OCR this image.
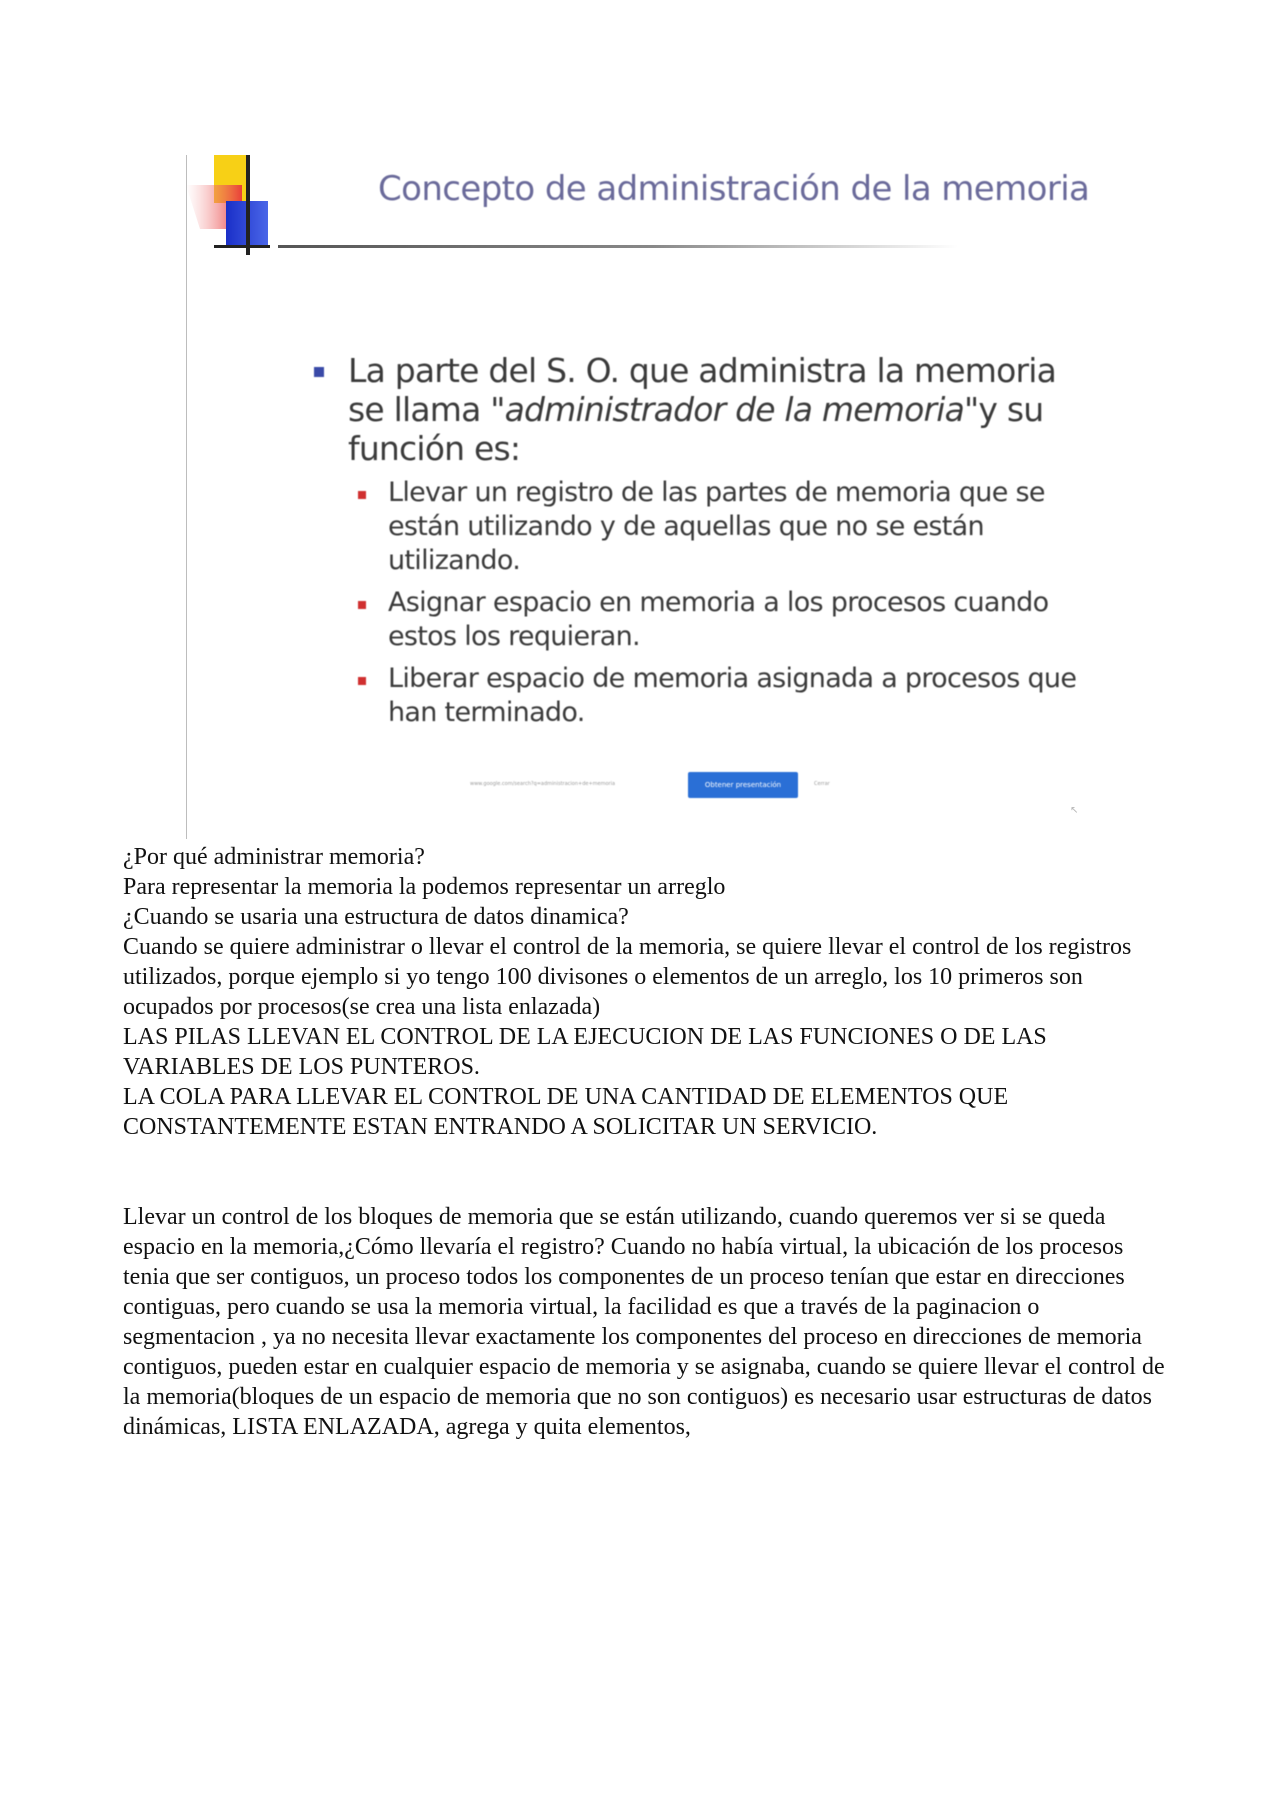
Concepto de administración de la memoria
La parte del S. O. que administra la memoria se llama "administrador de la memoria"y su función es:
Llevar un registro de las partes de memoria que se están utilizando y de aquellas que no se están utilizando.
Asignar espacio en memoria a los procesos cuando estos los requieran.
Liberar espacio de memoria asignada a procesos que han terminado.
www.google.com/search?q=administracion+de+memoria	Obtener presentación	Cerrar
↖

¿Por qué administrar memoria?

Para representar la memoria la podemos representar un arreglo

¿Cuando se usaria una estructura de datos dinamica?

Cuando se quiere administrar o llevar el control de la memoria, se quiere llevar el control de los registros utilizados, porque ejemplo si yo tengo 100 divisones o elementos de un arreglo, los 10 primeros son ocupados por procesos(se crea una lista enlazada)

LAS PILAS LLEVAN EL CONTROL DE LA EJECUCION DE LAS FUNCIONES O DE LAS VARIABLES DE LOS PUNTEROS.

LA COLA PARA LLEVAR EL CONTROL DE UNA CANTIDAD DE ELEMENTOS QUE CONSTANTEMENTE ESTAN ENTRANDO A SOLICITAR UN SERVICIO.

Llevar un control de los bloques de memoria que se están utilizando, cuando queremos ver si se queda espacio en la memoria,¿Cómo llevaría el registro? Cuando no había virtual, la ubicación de los procesos tenia que ser contiguos, un proceso todos los componentes de un proceso tenían que estar en direcciones contiguas, pero cuando se usa la memoria virtual, la facilidad es que a través de la paginacion o segmentacion , ya no necesita llevar exactamente los componentes del proceso en direcciones de memoria contiguos, pueden estar en cualquier espacio de memoria y se asignaba, cuando se quiere llevar el control de la memoria(bloques de un espacio de memoria que no son contiguos) es necesario usar estructuras de datos dinámicas, LISTA ENLAZADA, agrega y quita elementos,
